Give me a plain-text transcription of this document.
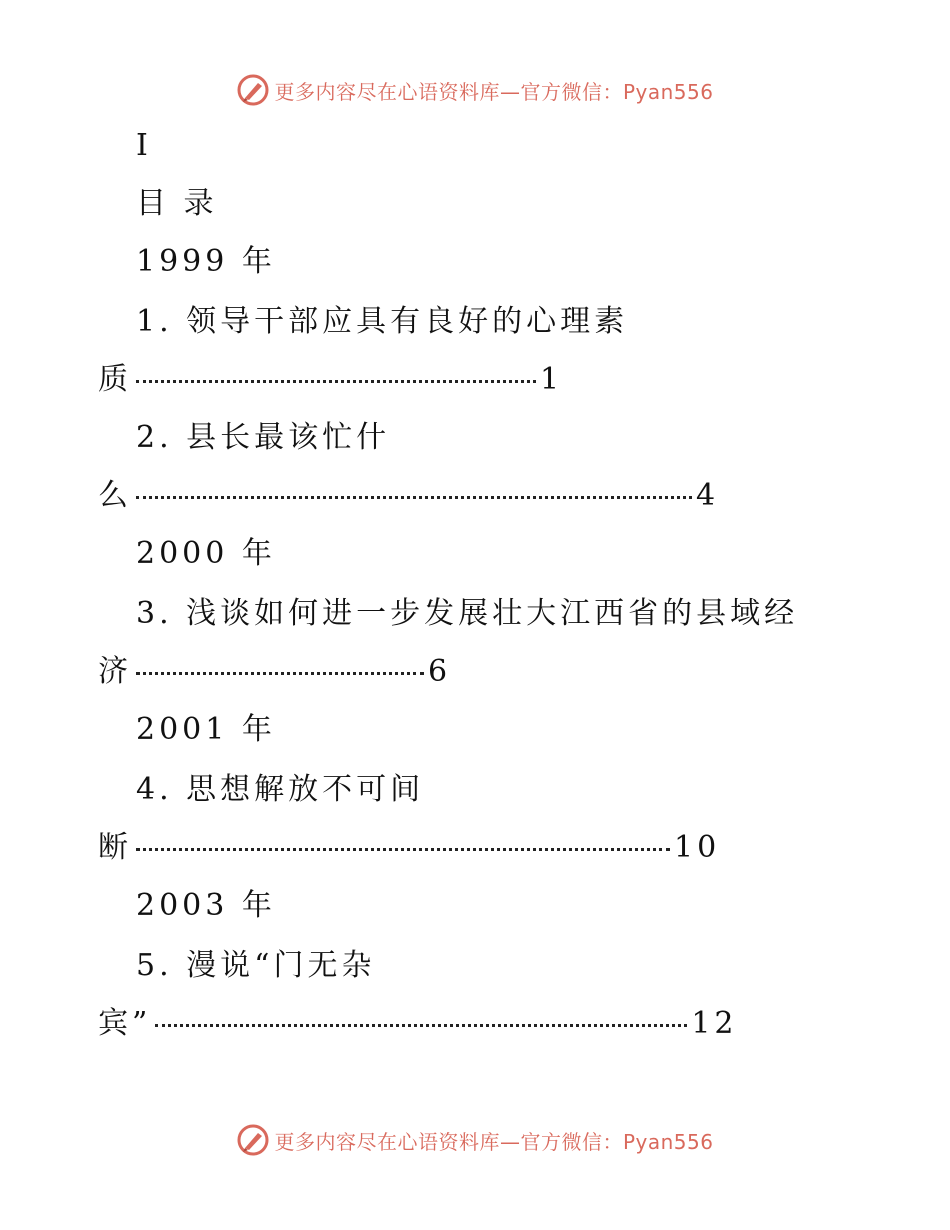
更多内容尽在心语资料库—官方微信：Pyan556
I
目 录
1999 年
1. 领导干部应具有良好的心理素
质	1
2. 县长最该忙什
么	4
2000 年
3. 浅谈如何进一步发展壮大江西省的县域经
济	6
2001 年
4. 思想解放不可间
断	10
2003 年
5. 漫说“门无杂
宾”	12
更多内容尽在心语资料库—官方微信：Pyan556
